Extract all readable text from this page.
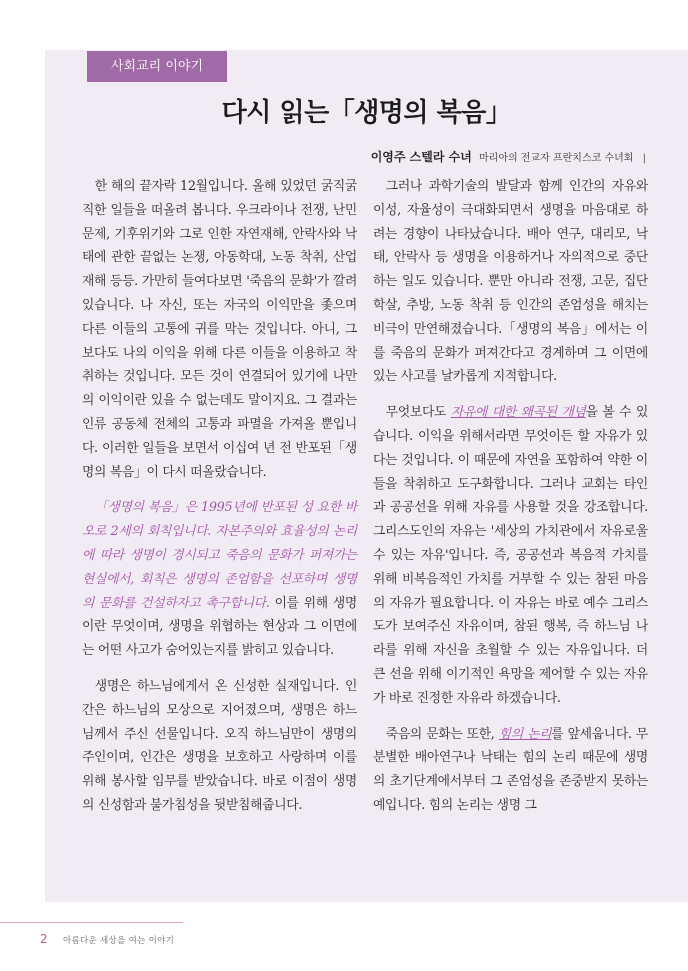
사회교리 이야기
다시 읽는「생명의 복음」
이영주 스텔라 수녀 마리아의 전교자 프란치스코 수녀회 |

한 해의 끝자락 12월입니다. 올해 있었던 굵직굵직한 일들을 떠올려 봅니다. 우크라이나 전쟁, 난민문제, 기후위기와 그로 인한 자연재해, 안락사와 낙태에 관한 끝없는 논쟁, 아동학대, 노동 착취, 산업재해 등등. 가만히 들여다보면 '죽음의 문화'가 깔려 있습니다. 나 자신, 또는 자국의 이익만을 좇으며 다른 이들의 고통에 귀를 막는 것입니다. 아니, 그보다도 나의 이익을 위해 다른 이들을 이용하고 착취하는 것입니다. 모든 것이 연결되어 있기에 나만의 이익이란 있을 수 없는데도 말이지요. 그 결과는 인류 공동체 전체의 고통과 파멸을 가져올 뿐입니다. 이러한 일들을 보면서 이십여 년 전 반포된「생명의 복음」이 다시 떠올랐습니다.

「생명의 복음」은 1995년에 반포된 성 요한 바오로 2세의 회칙입니다. 자본주의와 효율성의 논리에 따라 생명이 경시되고 죽음의 문화가 퍼져가는 현실에서, 회칙은 생명의 존엄함을 선포하며 생명의 문화를 건설하자고 촉구합니다. 이를 위해 생명이란 무엇이며, 생명을 위협하는 현상과 그 이면에는 어떤 사고가 숨어있는지를 밝히고 있습니다.

생명은 하느님에게서 온 신성한 실재입니다. 인간은 하느님의 모상으로 지어졌으며, 생명은 하느님께서 주신 선물입니다. 오직 하느님만이 생명의 주인이며, 인간은 생명을 보호하고 사랑하며 이를 위해 봉사할 임무를 받았습니다. 바로 이점이 생명의 신성함과 불가침성을 뒷받침해줍니다.

그러나 과학기술의 발달과 함께 인간의 자유와 이성, 자율성이 극대화되면서 생명을 마음대로 하려는 경향이 나타났습니다. 배아 연구, 대리모, 낙태, 안락사 등 생명을 이용하거나 자의적으로 중단하는 일도 있습니다. 뿐만 아니라 전쟁, 고문, 집단 학살, 추방, 노동 착취 등 인간의 존엄성을 해치는 비극이 만연해졌습니다.「생명의 복음」에서는 이를 죽음의 문화가 퍼져간다고 경계하며 그 이면에 있는 사고를 날카롭게 지적합니다.

무엇보다도 자유에 대한 왜곡된 개념을 볼 수 있습니다. 이익을 위해서라면 무엇이든 할 자유가 있다는 것입니다. 이 때문에 자연을 포함하여 약한 이들을 착취하고 도구화합니다. 그러나 교회는 타인과 공공선을 위해 자유를 사용할 것을 강조합니다. 그리스도인의 자유는 '세상의 가치관에서 자유로울 수 있는 자유'입니다. 즉, 공공선과 복음적 가치를 위해 비복음적인 가치를 거부할 수 있는 참된 마음의 자유가 필요합니다. 이 자유는 바로 예수 그리스도가 보여주신 자유이며, 참된 행복, 즉 하느님 나라를 위해 자신을 초월할 수 있는 자유입니다. 더 큰 선을 위해 이기적인 욕망을 제어할 수 있는 자유가 바로 진정한 자유라 하겠습니다.

죽음의 문화는 또한, 힘의 논리를 앞세웁니다. 무분별한 배아연구나 낙태는 힘의 논리 때문에 생명의 초기단계에서부터 그 존엄성을 존중받지 못하는 예입니다. 힘의 논리는 생명 그

2 아름다운 세상을 여는 이야기
